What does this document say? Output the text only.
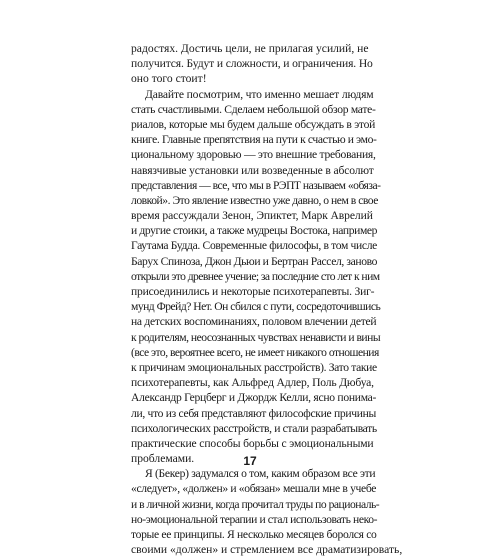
радостях. Достичь цели, не прилагая усилий, не
получится. Будут и сложности, и ограничения. Но
оно того стоит!
Давайте посмотрим, что именно мешает людям
стать счастливыми. Сделаем небольшой обзор мате-
риалов, которые мы будем дальше обсуждать в этой
книге. Главные препятствия на пути к счастью и эмо-
циональному здоровью — это внешние требования,
навязчивые установки или возведенные в абсолют
представления — все, что мы в РЭПТ называем «обяза-
ловкой». Это явление известно уже давно, о нем в свое
время рассуждали Зенон, Эпиктет, Марк Аврелий
и другие стоики, а также мудрецы Востока, например
Гаутама Будда. Современные философы, в том числе
Барух Спиноза, Джон Дьюи и Бертран Рассел, заново
открыли это древнее учение; за последние сто лет к ним
присоединились и некоторые психотерапевты. Зиг-
мунд Фрейд? Нет. Он сбился с пути, сосредоточившись
на детских воспоминаниях, половом влечении детей
к родителям, неосознанных чувствах ненависти и вины
(все это, вероятнее всего, не имеет никакого отношения
к причинам эмоциональных расстройств). Зато такие
психотерапевты, как Альфред Адлер, Поль Дюбуа,
Александр Герцберг и Джордж Келли, ясно понима-
ли, что из себя представляют философские причины
психологических расстройств, и стали разрабатывать
практические способы борьбы с эмоциональными
проблемами.
Я (Бекер) задумался о том, каким образом все эти
«следует», «должен» и «обязан» мешали мне в учебе
и в личной жизни, когда прочитал труды по рациональ-
но-эмоциональной терапии и стал использовать неко-
торые ее принципы. Я несколько месяцев боролся со
своими «должен» и стремлением все драматизировать,
17
